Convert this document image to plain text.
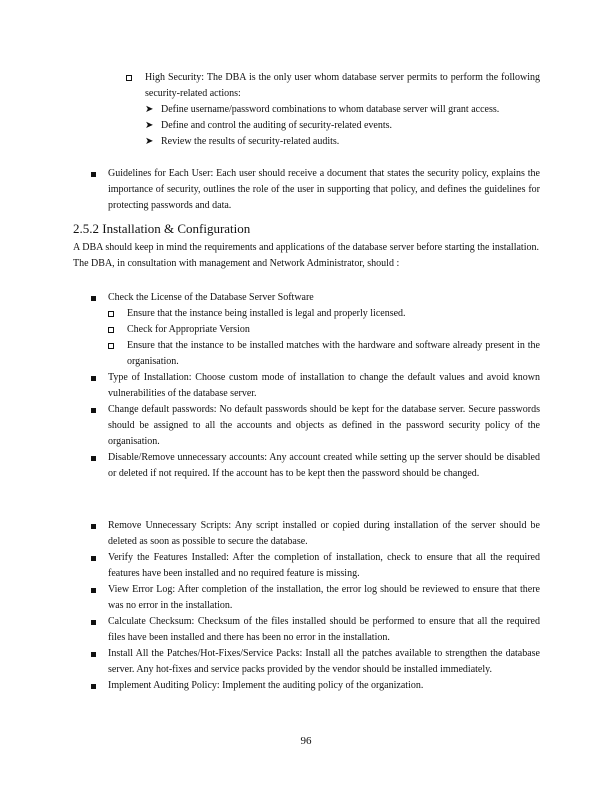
High Security: The DBA is the only user whom database server permits to perform the following security-related actions:
➤ Define username/password combinations to whom database server will grant access.
➤ Define and control the auditing of security-related events.
➤ Review the results of security-related audits.
Guidelines for Each User: Each user should receive a document that states the security policy, explains the importance of security, outlines the role of the user in supporting that policy, and defines the guidelines for protecting passwords and data.
2.5.2 Installation & Configuration
A DBA should keep in mind the requirements and applications of the database server before starting the installation. The DBA, in consultation with management and Network Administrator, should :
Check the License of the Database Server Software
Ensure that the instance being installed is legal and properly licensed.
Check for Appropriate Version
Ensure that the instance to be installed matches with the hardware and software already present in the organisation.
Type of Installation: Choose custom mode of installation to change the default values and avoid known vulnerabilities of the database server.
Change default passwords: No default passwords should be kept for the database server. Secure passwords should be assigned to all the accounts and objects as defined in the password security policy of the organisation.
Disable/Remove unnecessary accounts: Any account created while setting up the server should be disabled or deleted if not required. If the account has to be kept then the password should be changed.
Remove Unnecessary Scripts: Any script installed or copied during installation of the server should be deleted as soon as possible to secure the database.
Verify the Features Installed: After the completion of installation, check to ensure that all the required features have been installed and no required feature is missing.
View Error Log: After completion of the installation, the error log should be reviewed to ensure that there was no error in the installation.
Calculate Checksum: Checksum of the files installed should be performed to ensure that all the required files have been installed and there has been no error in the installation.
Install All the Patches/Hot-Fixes/Service Packs: Install all the patches available to strengthen the database server. Any hot-fixes and service packs provided by the vendor should be installed immediately.
Implement Auditing Policy: Implement the auditing policy of the organization.
96
